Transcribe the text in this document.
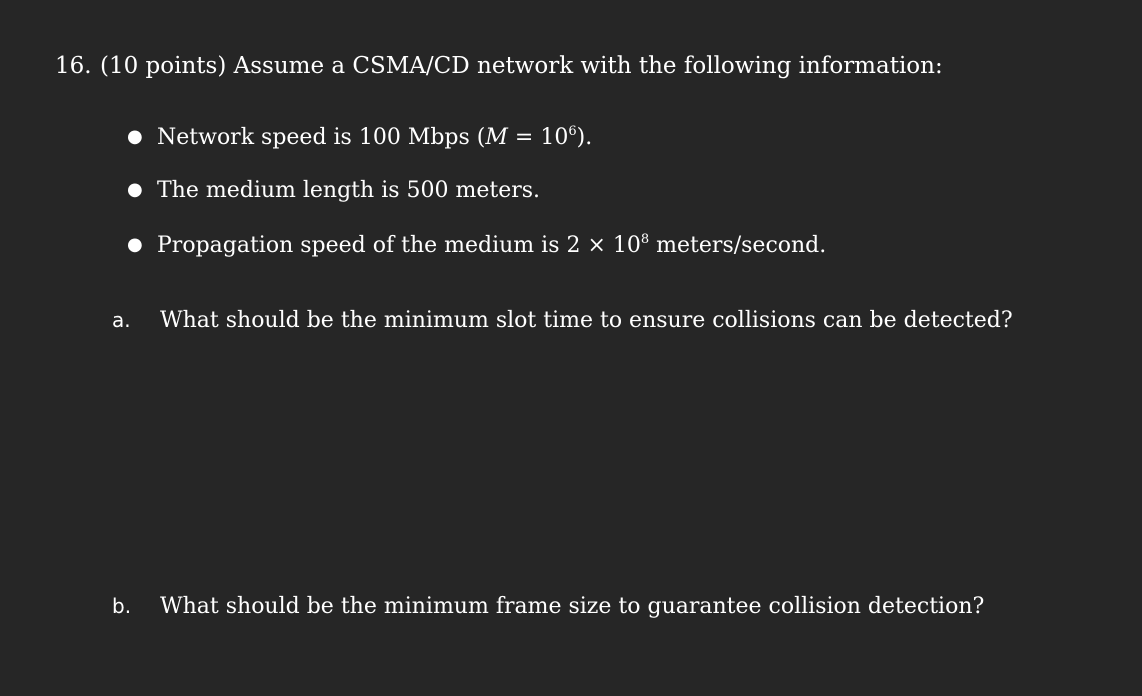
16. (10 points) Assume a CSMA/CD network with the following information:
● Network speed is 100 Mbps $(M = 10^6)$.
● The medium length is 500 meters.
● Propagation speed of the medium is $2 \times 10^8$ meters/second.
a. What should be the minimum slot time to ensure collisions can be detected?
b. What should be the minimum frame size to guarantee collision detection?
